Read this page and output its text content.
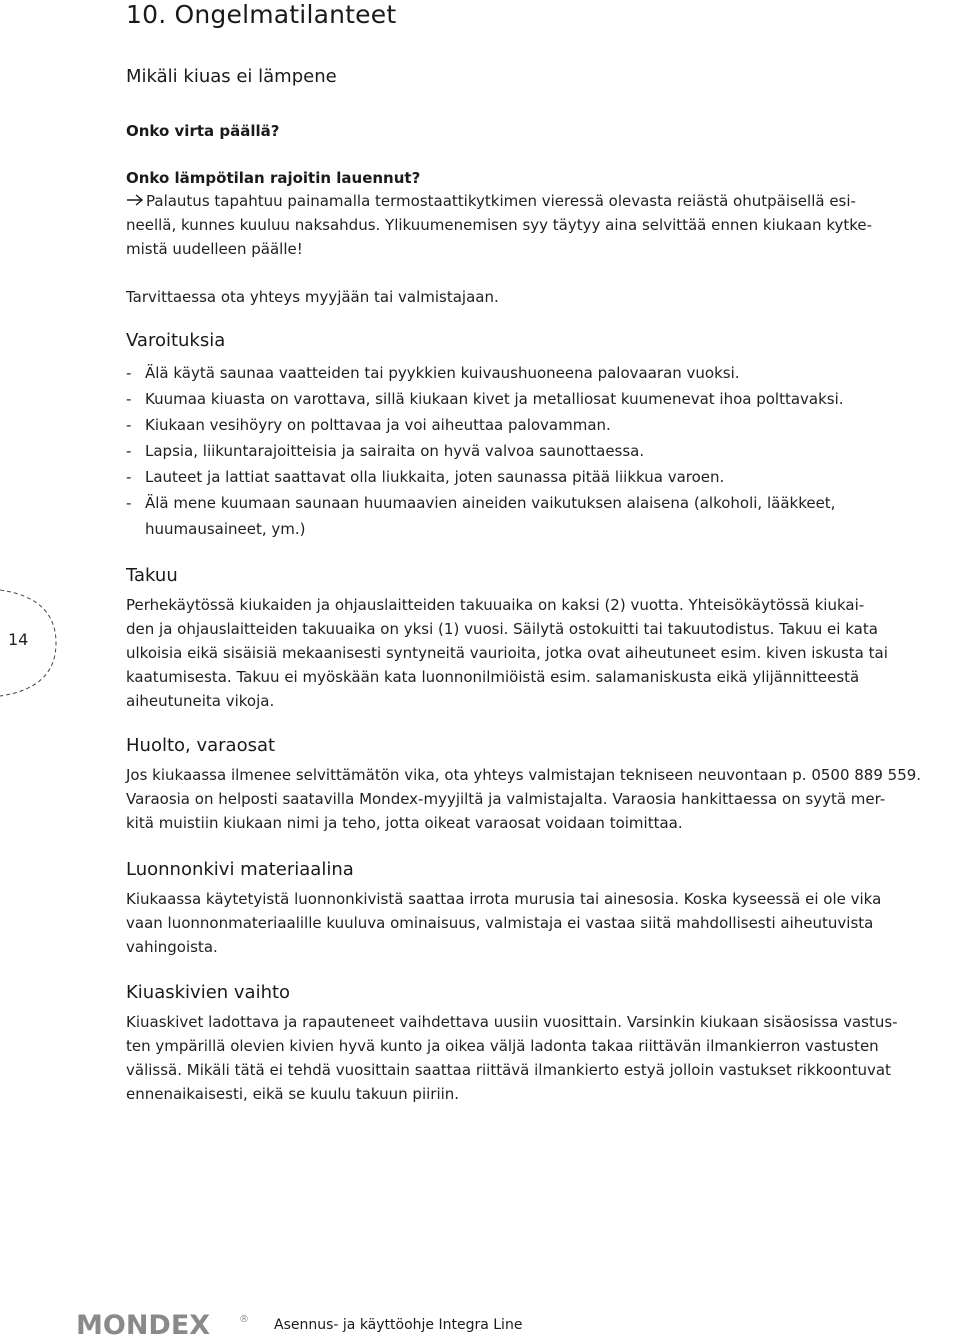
10. Ongelmatilanteet
Mikäli kiuas ei lämpene
Onko virta päällä?
Onko lämpötilan rajoitin lauennut?
Palautus tapahtuu painamalla termostaattikytkimen vieressä olevasta reiästä ohutpäisellä esi-
neellä, kunnes kuuluu naksahdus. Ylikuumenemisen syy täytyy aina selvittää ennen kiukaan kytke-
mistä uudelleen päälle!
Tarvittaessa ota yhteys myyjään tai valmistajaan.
Varoituksia
- Älä käytä saunaa vaatteiden tai pyykkien kuivaushuoneena palovaaran vuoksi.
- Kuumaa kiuasta on varottava, sillä kiukaan kivet ja metalliosat kuumenevat ihoa polttavaksi.
- Kiukaan vesihöyry on polttavaa ja voi aiheuttaa palovamman.
- Lapsia, liikuntarajoitteisia ja sairaita on hyvä valvoa saunottaessa.
- Lauteet ja lattiat saattavat olla liukkaita, joten saunassa pitää liikkua varoen.
- Älä mene kuumaan saunaan huumaavien aineiden vaikutuksen alaisena (alkoholi, lääkkeet,
huumausaineet, ym.)
14
Takuu
Perhekäytössä kiukaiden ja ohjauslaitteiden takuuaika on kaksi (2) vuotta. Yhteisökäytössä kiukai-
den ja ohjauslaitteiden takuuaika on yksi (1) vuosi. Säilytä ostokuitti tai takuutodistus. Takuu ei kata
ulkoisia eikä sisäisiä mekaanisesti syntyneitä vaurioita, jotka ovat aiheutuneet esim. kiven iskusta tai
kaatumisesta. Takuu ei myöskään kata luonnonilmiöistä esim. salamaniskusta eikä ylijännitteestä
aiheutuneita vikoja.
Huolto, varaosat
Jos kiukaassa ilmenee selvittämätön vika, ota yhteys valmistajan tekniseen neuvontaan p. 0500 889 559.
Varaosia on helposti saatavilla Mondex-myyjiltä ja valmistajalta. Varaosia hankittaessa on syytä mer-
kitä muistiin kiukaan nimi ja teho, jotta oikeat varaosat voidaan toimittaa.
Luonnonkivi materiaalina
Kiukaassa käytetyistä luonnonkivistä saattaa irrota murusia tai ainesosia. Koska kyseessä ei ole vika
vaan luonnonmateriaalille kuuluva ominaisuus, valmistaja ei vastaa siitä mahdollisesti aiheutuvista
vahingoista.
Kiuaskivien vaihto
Kiuaskivet ladottava ja rapauteneet vaihdettava uusiin vuosittain. Varsinkin kiukaan sisäosissa vastus-
ten ympärillä olevien kivien hyvä kunto ja oikea väljä ladonta takaa riittävän ilmankierron vastusten
välissä. Mikäli tätä ei tehdä vuosittain saattaa riittävä ilmankierto estyä jolloin vastukset rikkoontuvat
ennenaikaisesti, eikä se kuulu takuun piiriin.
MONDEX	® Asennus- ja käyttöohje Integra Line
